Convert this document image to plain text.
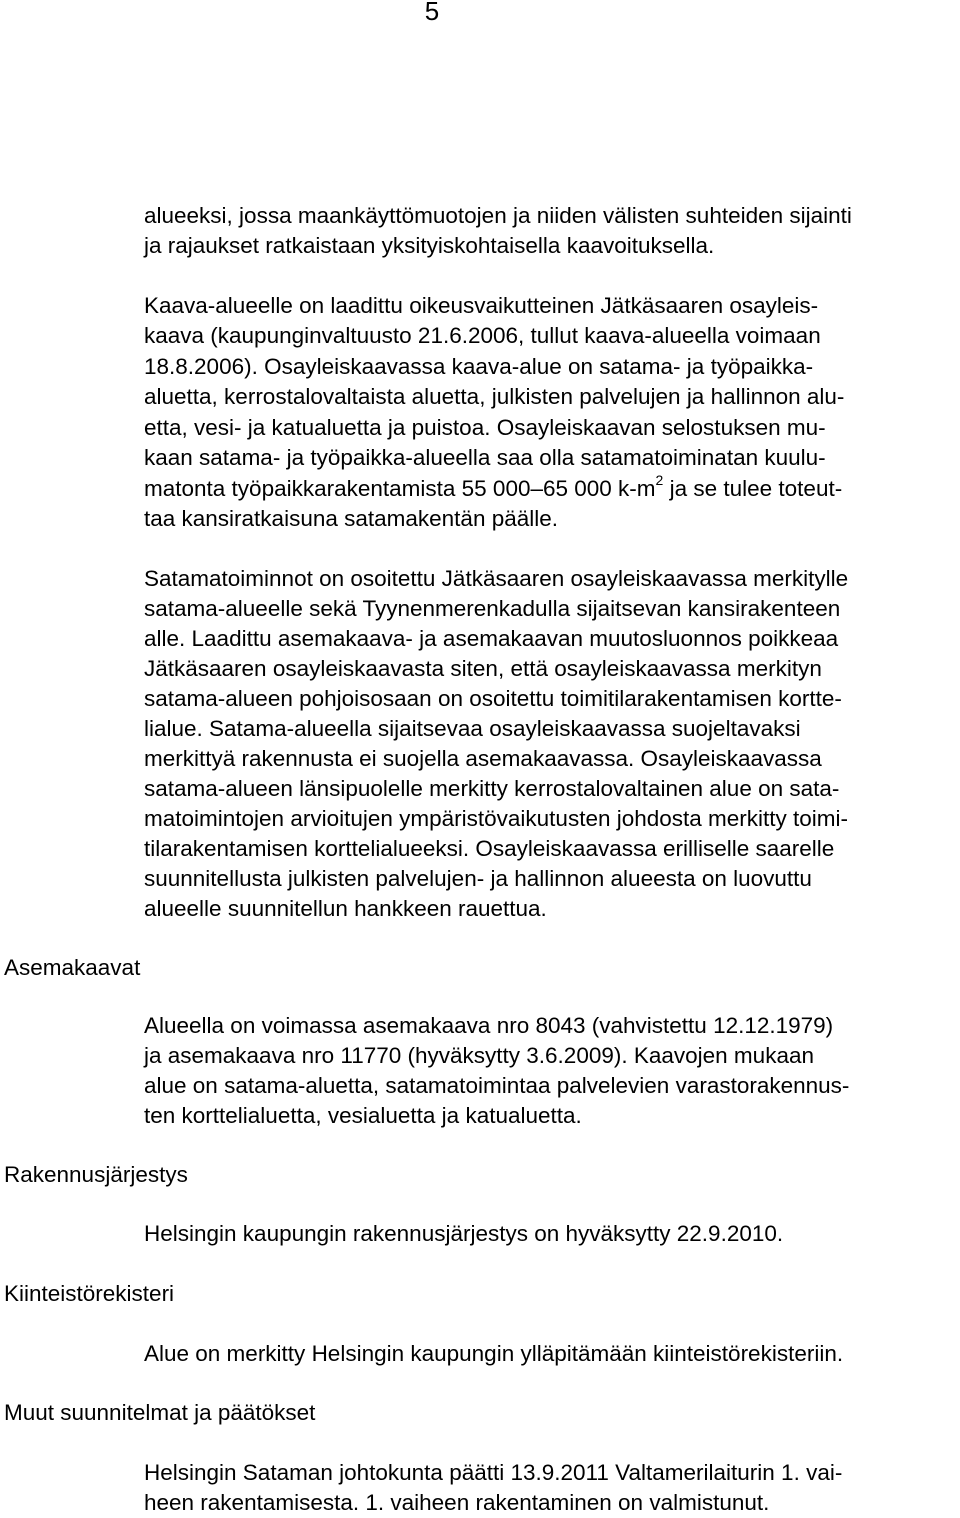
5
alueeksi, jossa maankäyttömuotojen ja niiden välisten suhteiden sijainti
ja rajaukset ratkaistaan yksityiskohtaisella kaavoituksella.
Kaava-alueelle on laadittu oikeusvaikutteinen Jätkäsaaren osayleis-
kaava (kaupunginvaltuusto 21.6.2006, tullut kaava-alueella voimaan
18.8.2006). Osayleiskaavassa kaava-alue on satama- ja työpaikka-
aluetta, kerrostalovaltaista aluetta, julkisten palvelujen ja hallinnon alu-
etta, vesi- ja katualuetta ja puistoa. Osayleiskaavan selostuksen mu-
kaan satama- ja työpaikka-alueella saa olla satamatoiminatan kuulu-
matonta työpaikkarakentamista 55 000–65 000 $k-m^2$ ja se tulee toteut-
taa kansiratkaisuna satamakentän päälle.
Satamatoiminnot on osoitettu Jätkäsaaren osayleiskaavassa merkitylle
satama-alueelle sekä Tyynenmerenkadulla sijaitsevan kansirakenteen
alle. Laadittu asemakaava- ja asemakaavan muutosluonnos poikkeaa
Jätkäsaaren osayleiskaavasta siten, että osayleiskaavassa merkityn
satama-alueen pohjoisosaan on osoitettu toimitilarakentamisen kortte-
lialue. Satama-alueella sijaitsevaa osayleiskaavassa suojeltavaksi
merkittyä rakennusta ei suojella asemakaavassa. Osayleiskaavassa
satama-alueen länsipuolelle merkitty kerrostalovaltainen alue on sata-
matoimintojen arvioitujen ympäristövaikutusten johdosta merkitty toimi-
tilarakentamisen korttelialueeksi. Osayleiskaavassa erilliselle saarelle
suunnitellusta julkisten palvelujen- ja hallinnon alueesta on luovuttu
alueelle suunnitellun hankkeen rauettua.
Asemakaavat
Alueella on voimassa asemakaava nro 8043 (vahvistettu 12.12.1979)
ja asemakaava nro 11770 (hyväksytty 3.6.2009). Kaavojen mukaan
alue on satama-aluetta, satamatoimintaa palvelevien varastorakennus-
ten korttelialuetta, vesialuetta ja katualuetta.
Rakennusjärjestys
Helsingin kaupungin rakennusjärjestys on hyväksytty 22.9.2010.
Kiinteistörekisteri
Alue on merkitty Helsingin kaupungin ylläpitämään kiinteistörekisteriin.
Muut suunnitelmat ja päätökset
Helsingin Sataman johtokunta päätti 13.9.2011 Valtamerilaiturin 1. vai-
heen rakentamisesta. 1. vaiheen rakentaminen on valmistunut.
